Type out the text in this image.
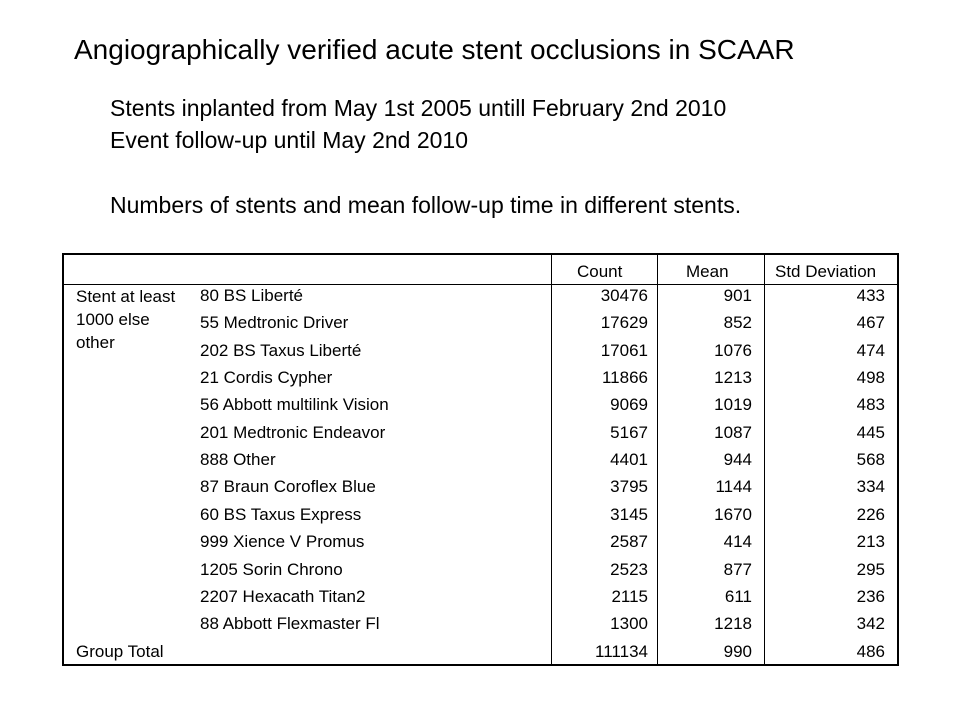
Angiographically verified acute stent occlusions in SCAAR
Stents inplanted from May 1st 2005 untill February 2nd 2010
Event follow-up until May 2nd 2010
Numbers of stents and mean follow-up time in different stents.
Count	Mean	Std Deviation
Stent at least 1000 else other
80 BS Liberté	30476	901	433
55 Medtronic Driver	17629	852	467
202 BS Taxus Liberté	17061	1076	474
21 Cordis Cypher	11866	1213	498
56 Abbott multilink Vision	9069	1019	483
201 Medtronic Endeavor	5167	1087	445
888 Other	4401	944	568
87 Braun Coroflex Blue	3795	1144	334
60 BS Taxus Express	3145	1670	226
999 Xience V Promus	2587	414	213
1205 Sorin Chrono	2523	877	295
2207 Hexacath Titan2	2115	611	236
88 Abbott Flexmaster Fl	1300	1218	342
Group Total	111134	990	486
